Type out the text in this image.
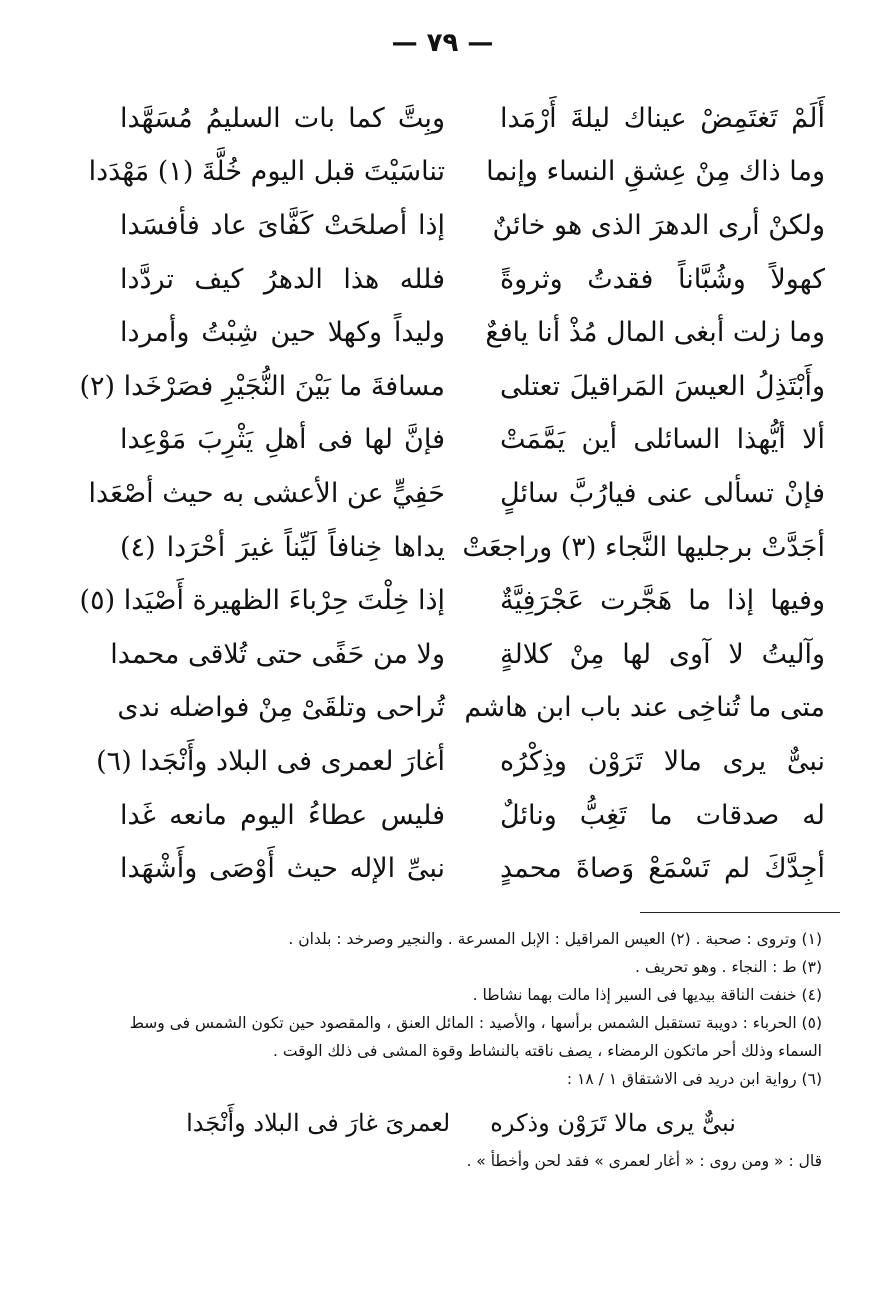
— ٧٩ —
أَلَمْ تَغتَمِضْ عيناك ليلةَ أَرْمَدا
وبِتَّ كما بات السليمُ مُسَهَّدا
وما ذاك مِنْ عِشقِ النساء وإنما
تناسَيْتَ قبل اليوم خُلَّةَ (١) مَهْدَدا
ولكنْ أرى الدهرَ الذى هو خائنٌ
إذا أصلحَتْ كَفَّاىَ عاد فأفسَدا
كهولاً وشُبَّاناً فقدتُ وثروةً
فلله هذا الدهرُ كيف تردَّدا
وما زلت أبغى المال مُذْ أنا يافعٌ
وليداً وكهلا حين شِبْتُ وأمردا
وأَبْتَذِلُ العيسَ المَراقيلَ تعتلى
مسافةَ ما بَيْنَ النُّجَيْرِ فصَرْخَدا (٢)
ألا أيُّهذا السائلى أين يَمَّمَتْ
فإنَّ لها فى أهلِ يَثْرِبَ مَوْعِدا
فإنْ تسألى عنى فيارُبَّ سائلٍ
حَفِيٍّ عن الأعشى به حيث أصْعَدا
أجَدَّتْ برجليها النَّجاء (٣) وراجعَتْ
يداها خِنافاً لَيِّناً غيرَ أحْرَدا (٤)
وفيها إذا ما هَجَّرت عَجْرَفِيَّةٌ
إذا خِلْتَ حِرْباءَ الظهيرة أَصْيَدا (٥)
وآليتُ لا آوى لها مِنْ كلالةٍ
ولا من حَفًى حتى تُلاقى محمدا
متى ما تُناخِى عند باب ابن هاشم
تُراحى وتلقَىْ مِنْ فواضله ندى
نبىٌّ يرى مالا تَرَوْن وذِكْرُه
أغارَ لعمرى فى البلاد وأَنْجَدا (٦)
له صدقات ما تَغِبُّ ونائلٌ
فليس عطاءُ اليوم مانعه غَدا
أجِدَّكَ لم تَسْمَعْ وَصاةَ محمدٍ
نبىِّ الإله حيث أَوْصَى وأَشْهَدا
(١) وتروى : صحبة . (٢) العيس المراقيل : الإبل المسرعة . والنجير وصرخد : بلدان .
(٣) ط : النجاء . وهو تحريف .
(٤) خنفت الناقة بيديها فى السير إذا مالت بهما نشاطا .
(٥) الحرباء : دويبة تستقبل الشمس برأسها ، والأصيد : المائل العنق ، والمقصود حين تكون الشمس فى وسط السماء وذلك أحر ماتكون الرمضاء ، يصف ناقته بالنشاط وقوة المشى فى ذلك الوقت .
(٦) رواية ابن دريد فى الاشتقاق ١ / ١٨ :
نبىٌّ يرى مالا تَرَوْن وذكره
لعمرىَ غارَ فى البلاد وأَنْجَدا
قال : « ومن روى : « أغار لعمرى » فقد لحن وأخطأ » .
